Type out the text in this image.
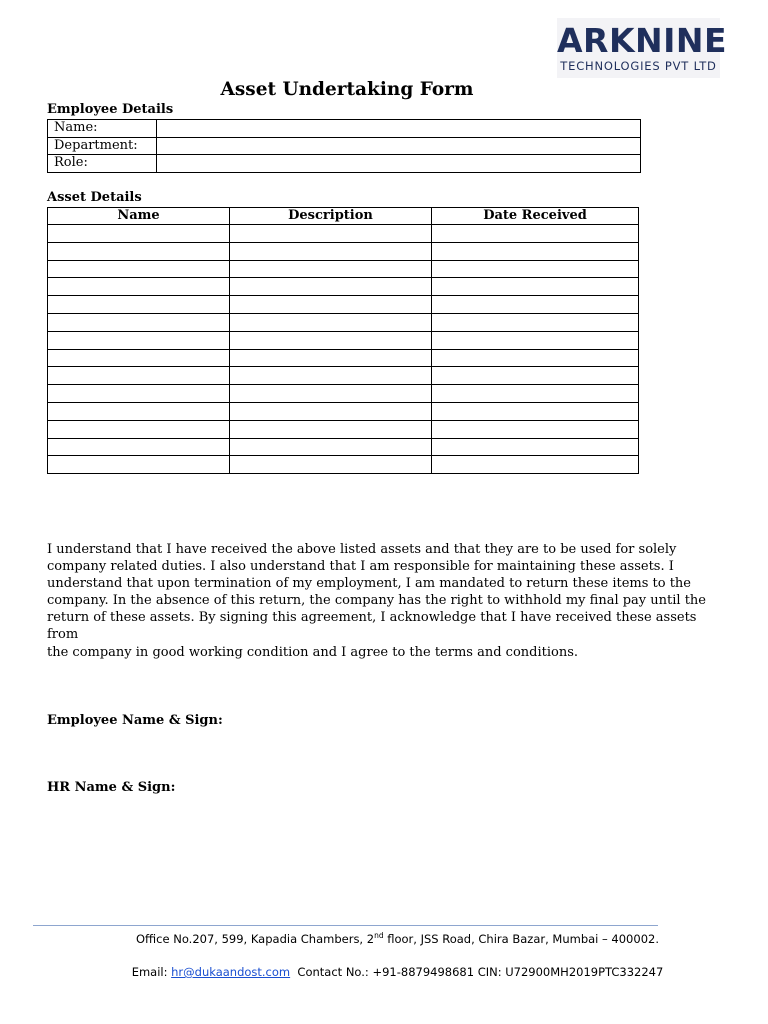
ARKNINE
TECHNOLOGIES PVT LTD
Asset Undertaking Form
Employee Details
Name:	
Department:	
Role:	
Asset Details
Name	Description	Date Received

I understand that I have received the above listed assets and that they are to be used for solely
company related duties. I also understand that I am responsible for maintaining these assets. I
understand that upon termination of my employment, I am mandated to return these items to the
company. In the absence of this return, the company has the right to withhold my final pay until the
return of these assets. By signing this agreement, I acknowledge that I have received these assets from
the company in good working condition and I agree to the terms and conditions.
Employee Name & Sign:
HR Name & Sign:
Office No.207, 599, Kapadia Chambers, 2nd floor, JSS Road, Chira Bazar, Mumbai – 400002.
Email: hr@dukaandost.com  Contact No.: +91-8879498681 CIN: U72900MH2019PTC332247
